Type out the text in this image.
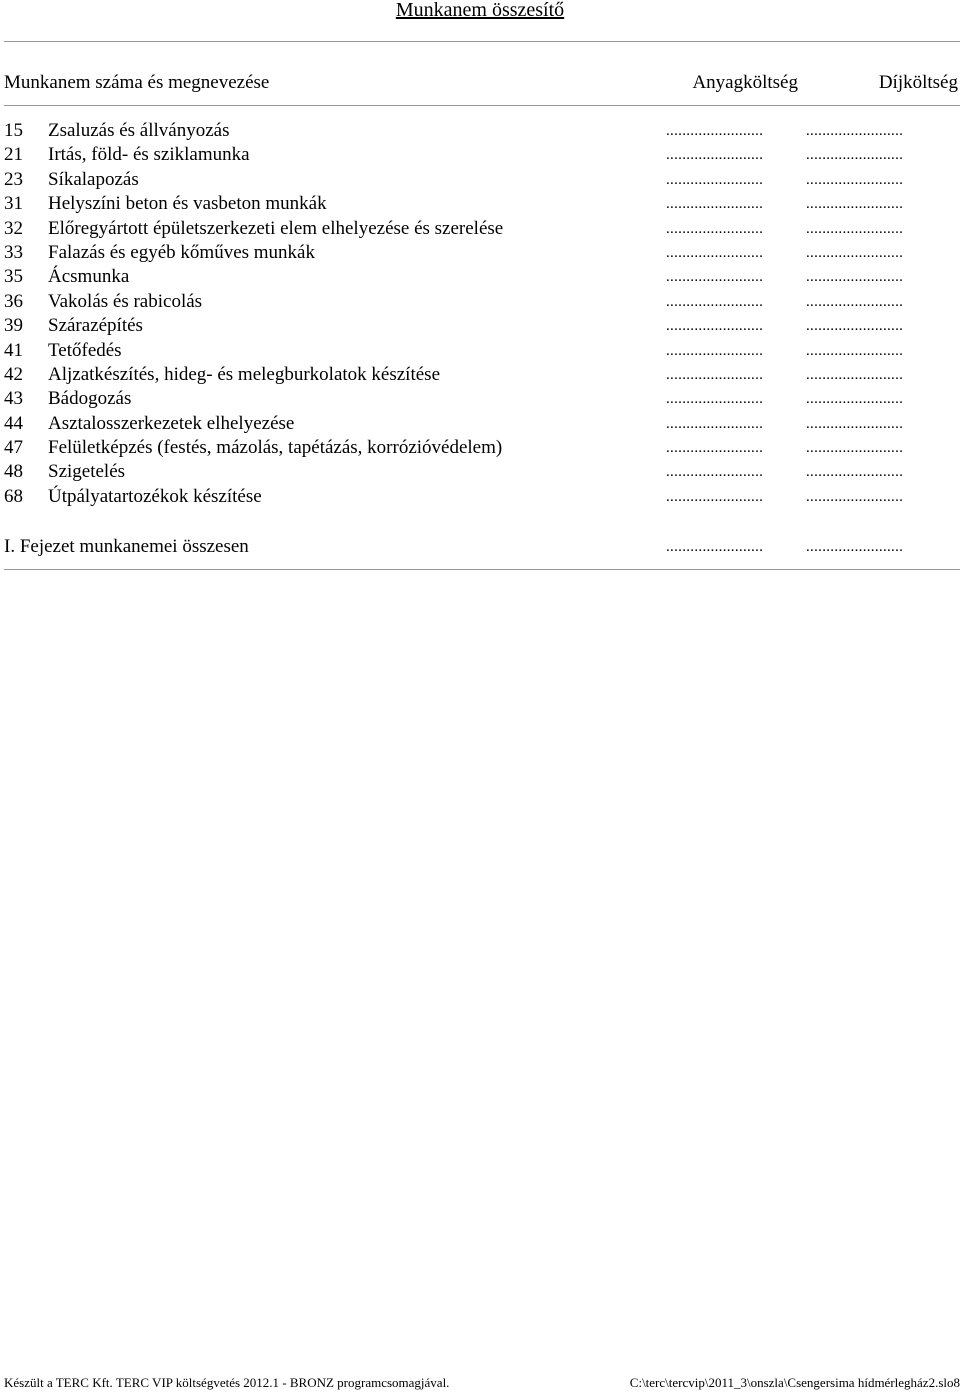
Munkanem összesítő
Munkanem száma és megnevezése	Anyagköltség	Díjköltség
15	Zsaluzás és állványozás	........................	........................
21	Irtás, föld- és sziklamunka	........................	........................
23	Síkalapozás	........................	........................
31	Helyszíni beton és vasbeton munkák	........................	........................
32	Előregyártott épületszerkezeti elem elhelyezése és szerelése	........................	........................
33	Falazás és egyéb kőműves munkák	........................	........................
35	Ácsmunka	........................	........................
36	Vakolás és rabicolás	........................	........................
39	Szárazépítés	........................	........................
41	Tetőfedés	........................	........................
42	Aljzatkészítés, hideg- és melegburkolatok készítése	........................	........................
43	Bádogozás	........................	........................
44	Asztalosszerkezetek elhelyezése	........................	........................
47	Felületképzés (festés, mázolás, tapétázás, korrózióvédelem)	........................	........................
48	Szigetelés	........................	........................
68	Útpályatartozékok készítése	........................	........................
I. Fejezet munkanemei összesen	........................	........................
Készült a TERC Kft. TERC VIP költségvetés 2012.1 - BRONZ programcsomagjával.	C:\terc\tercvip\2011_3\onszla\Csengersima hídmérlegház2.slo8
